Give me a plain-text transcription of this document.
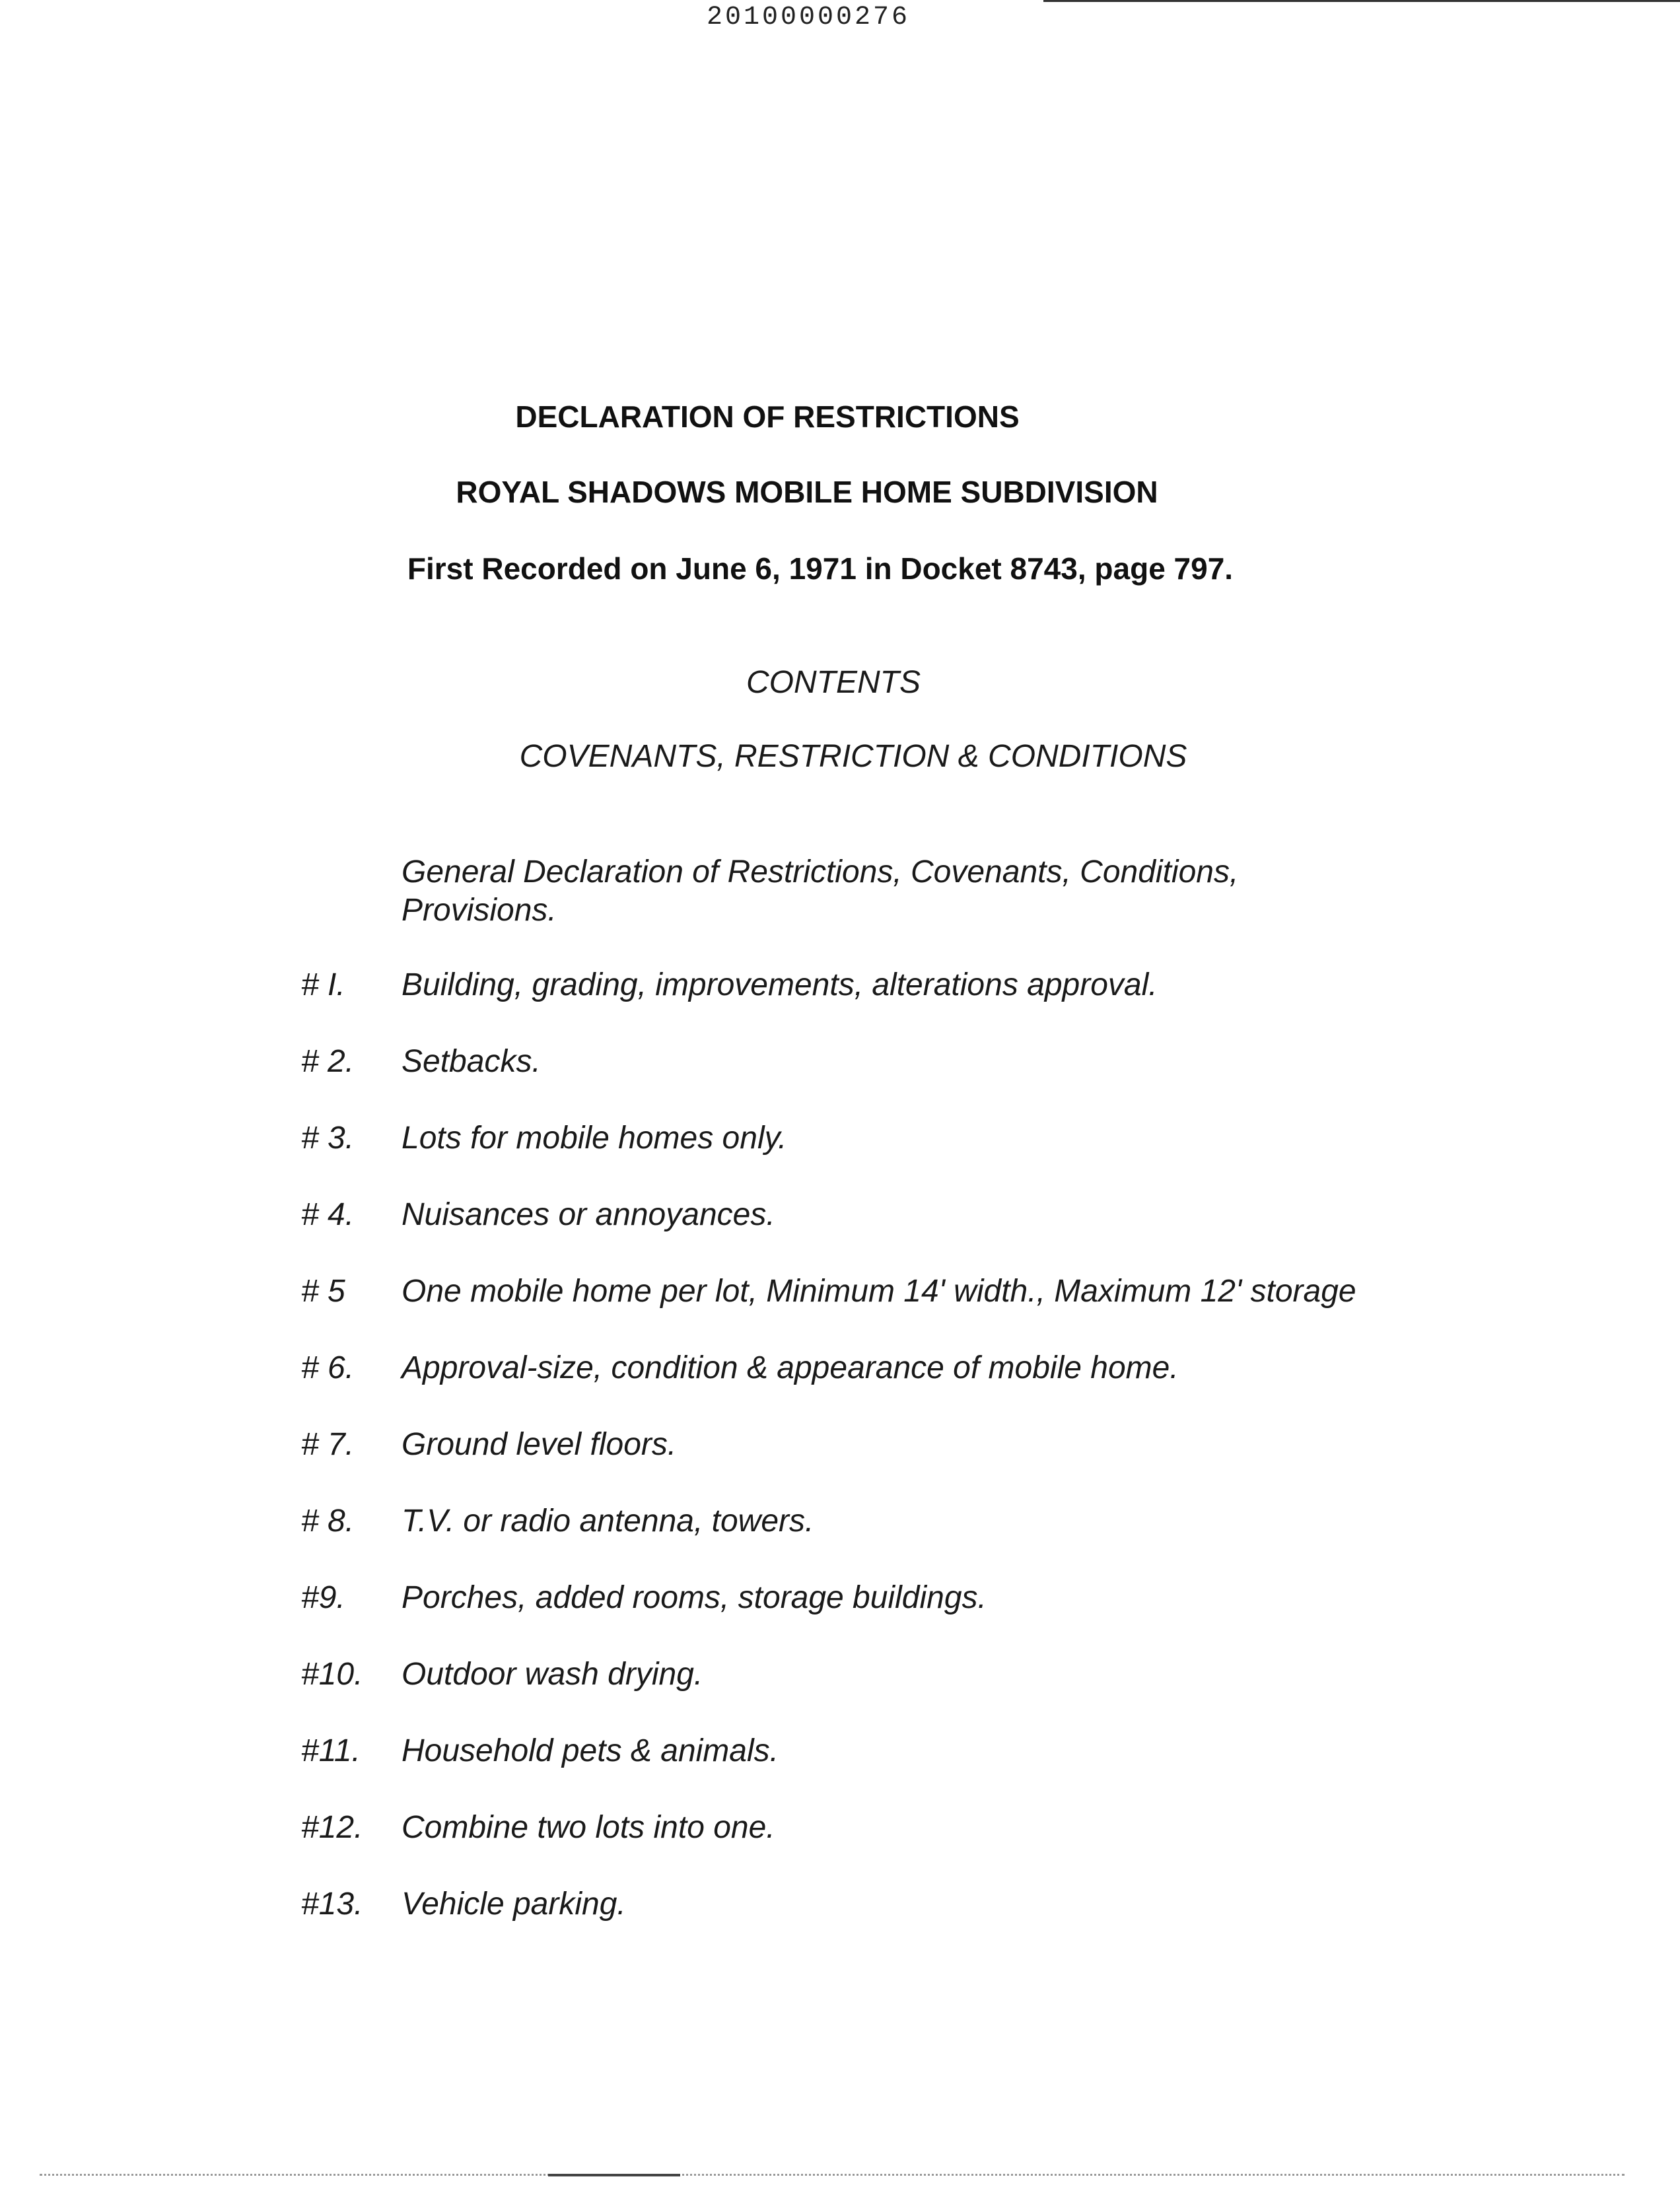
20100000276
DECLARATION OF RESTRICTIONS
ROYAL SHADOWS MOBILE HOME SUBDIVISION
First Recorded on June 6, 1971 in Docket 8743, page 797.
CONTENTS
COVENANTS, RESTRICTION & CONDITIONS
General Declaration of Restrictions, Covenants, Conditions, Provisions.
# I.	Building, grading, improvements, alterations approval.
# 2.	Setbacks.
# 3.	Lots for mobile homes only.
# 4.	Nuisances or annoyances.
# 5	One mobile home per lot, Minimum 14' width., Maximum 12' storage
# 6.	Approval-size, condition & appearance of mobile home.
# 7.	Ground level floors.
# 8.	T.V. or radio antenna, towers.
#9.	Porches, added rooms, storage buildings.
#10.	Outdoor wash drying.
#11.	Household pets & animals.
#12.	Combine two lots into one.
#13.	Vehicle parking.
